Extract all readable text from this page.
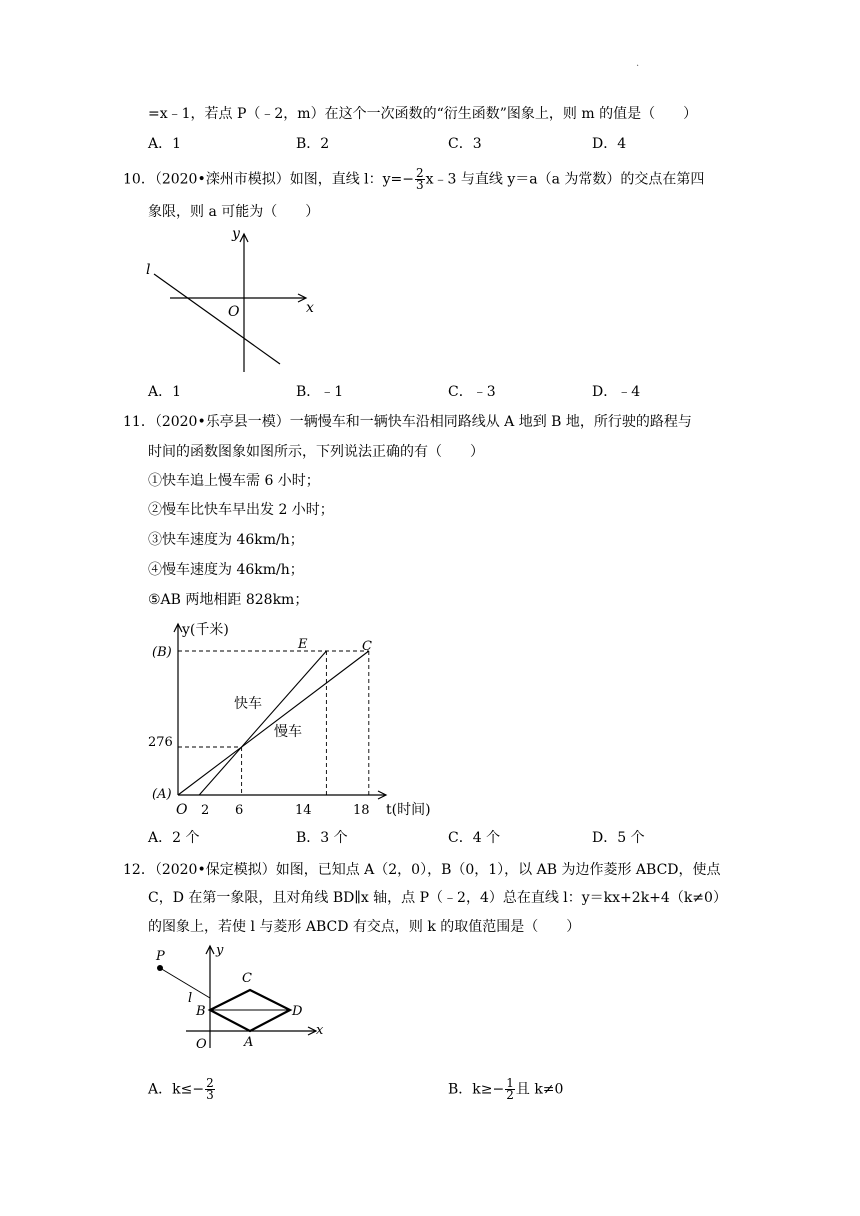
.
=x﹣1，若点 P（﹣2，m）在这个一次函数的“衍生函数”图象上，则 m 的值是（　　）
A．1	B．2	C．3	D．4
10．（2020•滦州市模拟）如图，直线 l：$y=- \frac{2}{3}$ x﹣3 与直线 y＝a（a 为常数）的交点在第四
象限，则 a 可能为（　　）
y
x
O
l
A．1	B．﹣1	C．﹣3	D．﹣4
11．（2020•乐亭县一模）一辆慢车和一辆快车沿相同路线从 A 地到 B 地，所行驶的路程与
时间的函数图象如图所示，下列说法正确的有（　　）
①快车追上慢车需 6 小时；
②慢车比快车早出发 2 小时；
③快车速度为 46km/h；
④慢车速度为 46km/h；
⑤AB 两地相距 828km；
y(千米)
t(时间)
(B)
(A)
O
276
2 6	14	18
E	C
快车
慢车
A．2 个	B．3 个	C．4 个	D．5 个
12．（2020•保定模拟）如图，已知点 A（2，0），B（0，1），以 AB 为边作菱形 ABCD，使点
C，D 在第一象限，且对角线 BD∥x 轴，点 P（﹣2，4）总在直线 l：y＝kx+2k+4（k≠0）
的图象上，若使 l 与菱形 ABCD 有交点，则 k 的取值范围是（　　）
P
l
y
x
O	A
B
C
D
A．$k\le- \frac{2}{3}$	B．$k\ge- \frac{1}{2}$ 且 k≠0
